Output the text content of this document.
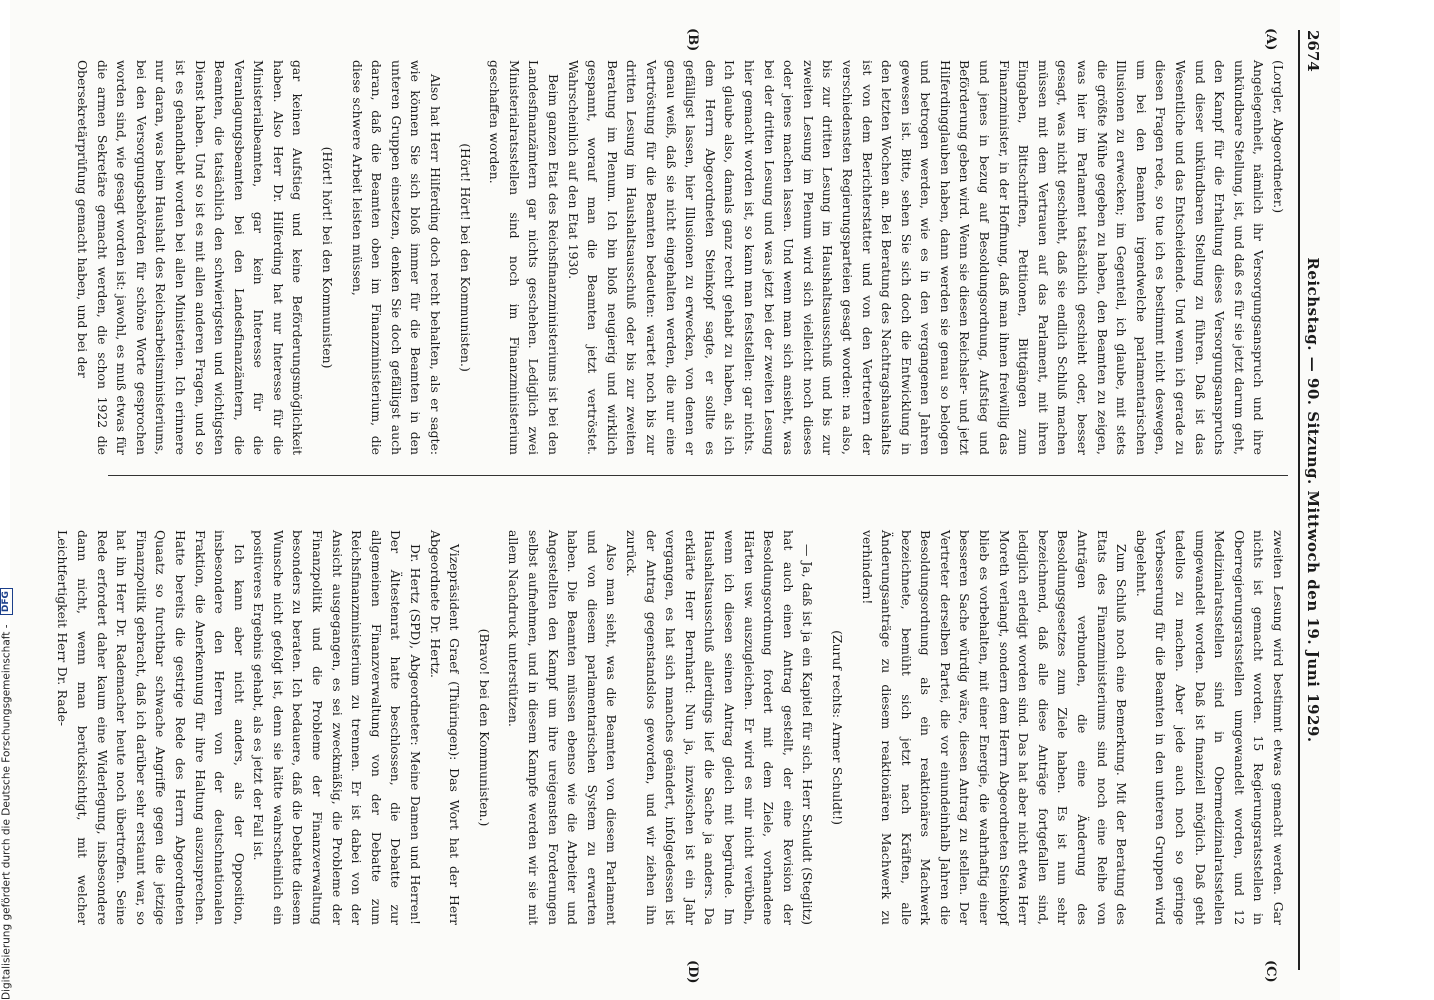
2674
Reichstag. — 90. Sitzung. Mittwoch den 19. Juni 1929.
(A)
(B)
(C)
(D)

(Lorgler, Abgeordneter.)

Angelegenheit, nämlich ihr Versorgungsanspruch und ihre unkündbare Stellung, ist, und daß es für sie jetzt darum geht, den Kampf für die Erhaltung dieses Versorgungsanspruchs und dieser unkündbaren Stellung zu führen. Daß ist das Wesentliche und das Entscheidende. Und wenn ich gerade zu diesen Fragen rede, so tue ich es bestimmt nicht deswegen, um bei den Beamten irgendwelche parlamentarischen Illusionen zu erwecken; im Gegenteil, ich glaube, mit stets die größte Mühe gegeben zu haben, den Beamten zu zeigen, was hier im Parlament tatsächlich geschieht oder, besser gesagt, was nicht geschieht, daß sie endlich Schluß machen müssen mit dem Vertrauen auf das Parlament, mit ihren Eingaben, Bittschriften, Petitionen, Bittgängen zum Finanzminister, in der Hoffnung, daß man ihnen freiwillig das und jenes in bezug auf Besoldungsordnung, Aufstieg und Beförderung geben wird. Wenn sie diesen Reichsler- und jetzt Hilferdingglauben haben, dann werden sie genau so belogen und betrogen werden, wie es in den vergangenen Jahren gewesen ist. Bitte, sehen Sie sich doch die Entwicklung in den letzten Wochen an. Bei Beratung des Nachtragshaushalts ist von dem Berichterstatter und von den Vertretern der verschiedensten Regierungsparteien gesagt worden: na also, bis zur dritten Lesung im Haushaltsausschuß und bis zur zweiten Lesung im Plenum wird sich vielleicht noch dieses oder jenes machen lassen. Und wenn man sich ansieht, was bei der dritten Lesung und was jetzt bei der zweiten Lesung hier gemacht worden ist, so kann man feststellen: gar nichts. Ich glaube also, damals ganz recht gehabt zu haben, als ich dem Herrn Abgeordneten Steinkopf sagte, er sollte es gefälligst lassen, hier Illusionen zu erwecken, von denen er genau weiß, daß sie nicht eingehalten werden, die nur eine Vertröstung für die Beamten bedeuten: wartet noch bis zur dritten Lesung im Haushaltsausschuß oder bis zur zweiten Beratung im Plenum. Ich bin bloß neugierig und wirklich gespannt, worauf man die Beamten jetzt vertröstet. Wahrscheinlich auf den Etat 1930.

Beim ganzen Etat des Reichsfinanzministeriums ist bei den Landesfinanzämtern gar nichts geschehen. Lediglich zwei Ministerialratsstellen sind noch im Finanzministerium geschaffen worden.

(Hört! Hört! bei den Kommunisten.)

Also hat Herr Hilferding doch recht behalten, als er sagte: wie können Sie sich bloß immer für die Beamten in den unteren Gruppen einsetzen, denken Sie doch gefälligst auch daran, daß die Beamten oben im Finanzministerium, die diese schwere Arbeit leisten müssen,

(Hört! hört! bei den Kommunisten)

gar keinen Aufstieg und keine Beförderungsmöglichkeit haben. Also Herr Dr. Hilferding hat nur Interesse für die Ministerialbeamten, gar kein Interesse für die Veranlagungsbeamten bei den Landesfinanzämtern, die Beamten, die tatsächlich den schwierigsten und wichtigsten Dienst haben. Und so ist es mit allen anderen Fragen, und so ist es gehandhabt worden bei allen Ministerien. Ich erinnere nur daran, was beim Haushalt des Reichsarbeitsministeriums, bei den Versorgungsbehörden für schöne Worte gesprochen worden sind, wie gesagt worden ist: jawohl, es muß etwas für die armen Sekretäre gemacht werden, die schon 1922 die Obersekretärprüfung gemacht haben, und bei der

zweiten Lesung wird bestimmt etwas gemacht werden. Gar nichts ist gemacht worden. 15 Regierungsratsstellen in Oberregierungsratsstellen umgewandelt worden, und 12 Medizinalratsstellen sind in Obermedizinalratsstellen umgewandelt worden. Daß ist finanziell möglich. Daß geht tadellos zu machen. Aber jede auch noch so geringe Verbesserung für die Beamten in den unteren Gruppen wird abgelehnt.

Zum Schluß noch eine Bemerkung. Mit der Beratung des Etats des Finanzministeriums sind noch eine Reihe von Anträgen verbunden, die eine Änderung des Besoldungsgesetzes zum Ziele haben. Es ist nun sehr bezeichnend, daß alle diese Anträge fortgefallen sind, lediglich erledigt worden sind. Das hat aber nicht etwa Herr Moreth verlangt, sondern dem Herrn Abgeordneten Steinkopf blieb es vorbehalten, mit einer Energie, die wahrhaftig einer besseren Sache würdig wäre, diesen Antrag zu stellen. Der Vertreter derselben Partei, die vor einundeinhalb Jahren die Besoldungsordnung als ein reaktionäres Machwerk bezeichnete, bemüht sich jetzt nach Kräften, alle Änderungsanträge zu diesem reaktionären Machwerk zu verhindern!

(Zuruf rechts: Armer Schuldt!)

— Ja, daß ist ja ein Kapitel für sich. Herr Schuldt (Steglitz) hat auch einen Antrag gestellt, der eine Revision der Besoldungsordnung fordert mit dem Ziele, vorhandene Härten usw. auszugleichen. Er wird es mir nicht verübeln, wenn ich diesen seinen Antrag gleich mit begründe. Im Haushaltsausschuß allerdings lief die Sache ja anders. Da erklärte Herr Bernhard: Nun ja, inzwischen ist ein Jahr vergangen, es hat sich manches geändert, infolgedessen ist der Antrag gegenstandslos geworden, und wir ziehen ihn zurück.

Also man sieht, was die Beamten von diesem Parlament und von diesem parlamentarischen System zu erwarten haben. Die Beamten müssen ebenso wie die Arbeiter und Angestellten den Kampf um ihre ureigensten Forderungen selbst aufnehmen, und in diesem Kampfe werden wir sie mit allem Nachdruck unterstützen.

(Bravo! bei den Kommunisten.)

Vizepräsident Graef (Thüringen): Das Wort hat der Herr Abgeordnete Dr. Hertz.

Dr. Hertz (SPD), Abgeordneter: Meine Damen und Herren! Der Ältestenrat hatte beschlossen, die Debatte zur allgemeinen Finanzverwaltung von der Debatte zum Reichsfinanzministerium zu trennen. Er ist dabei von der Ansicht ausgegangen, es sei zweckmäßig, die Probleme der Finanzpolitik und die Probleme der Finanzverwaltung besonders zu beraten. Ich bedauere, daß die Debatte diesem Wunsche nicht gefolgt ist, denn sie hätte wahrscheinlich ein positiveres Ergebnis gehabt, als es jetzt der Fall ist.

Ich kann aber nicht anders, als der Opposition, insbesondere den Herren von der deutschnationalen Fraktion, die Anerkennung für ihre Haltung auszusprechen. Hatte bereits die gestrige Rede des Herrn Abgeordneten Quaatz so furchtbar schwache Angriffe gegen die jetzige Finanzpolitik gebracht, daß ich darüber sehr erstaunt war, so hat ihn Herr Dr. Rademacher heute noch übertroffen. Seine Rede erfordert daher kaum eine Widerlegung, insbesondere dann nicht, wenn man berücksichtigt, mit welcher Leichtfertigkeit Herr Dr. Rade-

Digitalisierung gefördert durch die Deutsche Forschungsgemeinschaft - DFG
